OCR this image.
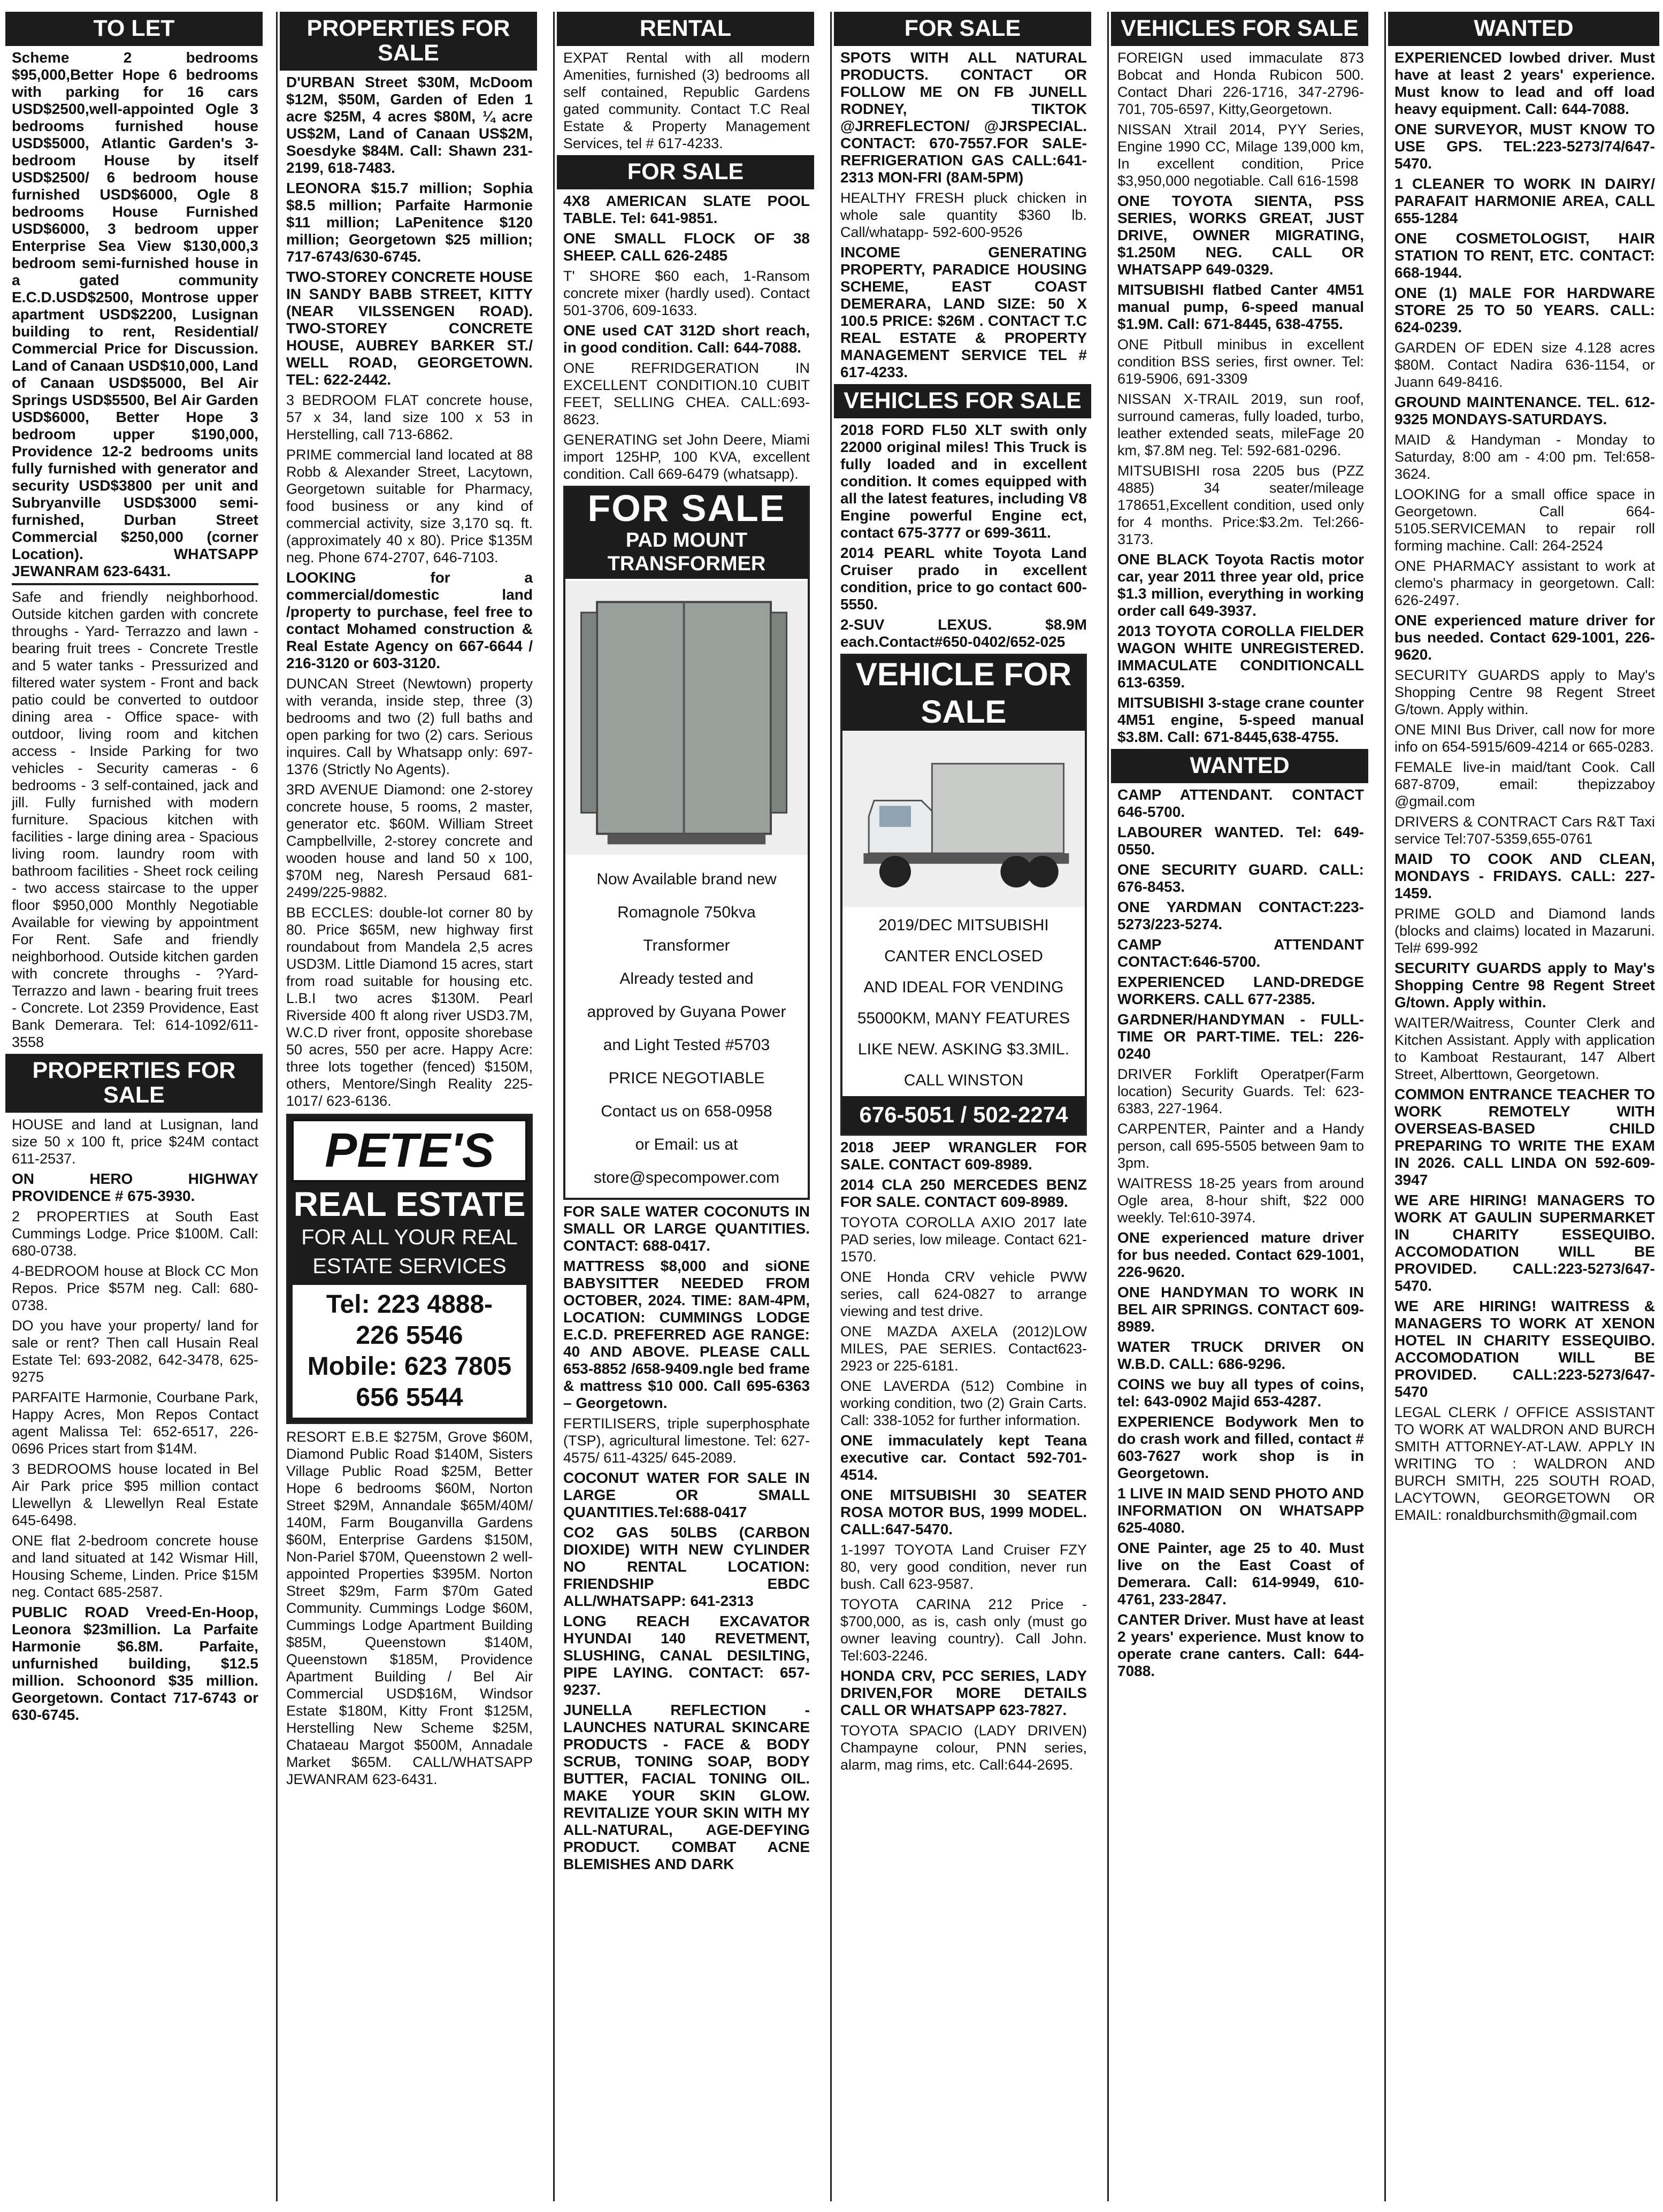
TO LET

Scheme 2 bedrooms $95,000,Better Hope 6 bedrooms with parking for 16 cars USD$2500,well-appointed Ogle 3 bedrooms furnished house USD$5000, Atlantic Garden's 3-bedroom House by itself USD$2500/ 6 bedroom house furnished USD$6000, Ogle 8 bedrooms House Furnished USD$6000, 3 bedroom upper Enterprise Sea View $130,000,3 bedroom semi-furnished house in a gated community E.C.D.USD$2500, Montrose upper apartment USD$2200, Lusignan building to rent, Residential/ Commercial Price for Discussion. Land of Canaan USD$10,000, Land of Canaan USD$5000, Bel Air Springs USD$5500, Bel Air Garden USD$6000, Better Hope 3 bedroom upper $190,000, Providence 12-2 bedrooms units fully furnished with generator and security USD$3800 per unit and Subryanville USD$3000 semi-furnished, Durban Street Commercial $250,000 (corner Location). WHATSAPP JEWANRAM 623-6431.

Safe and friendly neighborhood. Outside kitchen garden with concrete throughs - Yard- Terrazzo and lawn - bearing fruit trees - Concrete Trestle and 5 water tanks - Pressurized and filtered water system - Front and back patio could be converted to outdoor dining area - Office space- with outdoor, living room and kitchen access - Inside Parking for two vehicles - Security cameras - 6 bedrooms - 3 self-contained, jack and jill. Fully furnished with modern furniture. Spacious kitchen with facilities - large dining area - Spacious living room. laundry room with bathroom facilities - Sheet rock ceiling - two access staircase to the upper floor $950,000 Monthly Negotiable Available for viewing by appointment For Rent. Safe and friendly neighborhood. Outside kitchen garden with concrete throughs - ?Yard- Terrazzo and lawn - bearing fruit trees - Concrete. Lot 2359 Providence, East Bank Demerara. Tel: 614-1092/611-3558

PROPERTIES FOR SALE

HOUSE and land at Lusignan, land size 50 x 100 ft, price $24M contact 611-2537.

ON HERO HIGHWAY PROVIDENCE # 675-3930.

2 PROPERTIES at South East Cummings Lodge. Price $100M. Call: 680-0738.

4-BEDROOM house at Block CC Mon Repos. Price $57M neg. Call: 680-0738.

DO you have your property/ land for sale or rent? Then call Husain Real Estate Tel: 693-2082, 642-3478, 625-9275

PARFAITE Harmonie, Courbane Park, Happy Acres, Mon Repos Contact agent Malissa Tel: 652-6517, 226-0696 Prices start from $14M.

3 BEDROOMS house located in Bel Air Park price $95 million contact Llewellyn & Llewellyn Real Estate 645-6498.

ONE flat 2-bedroom concrete house and land situated at 142 Wismar Hill, Housing Scheme, Linden. Price $15M neg. Contact 685-2587.

PUBLIC ROAD Vreed-En-Hoop, Leonora $23million. La Parfaite Harmonie $6.8M. Parfaite, unfurnished building, $12.5 million. Schoonord $35 million. Georgetown. Contact 717-6743 or 630-6745.

PROPERTIES FOR SALE

D'URBAN Street $30M, McDoom $12M, $50M, Garden of Eden 1 acre $25M, 4 acres $80M, ¼ acre US$2M, Land of Canaan US$2M, Soesdyke $84M. Call: Shawn 231-2199, 618-7483.

LEONORA $15.7 million; Sophia $8.5 million; Parfaite Harmonie $11 million; LaPenitence $120 million; Georgetown $25 million; 717-6743/630-6745.

TWO-STOREY CONCRETE HOUSE IN SANDY BABB STREET, KITTY (NEAR VILSSENGEN ROAD). TWO-STOREY CONCRETE HOUSE, AUBREY BARKER ST./ WELL ROAD, GEORGETOWN. TEL: 622-2442.

3 BEDROOM FLAT concrete house, 57 x 34, land size 100 x 53 in Herstelling, call 713-6862.

PRIME commercial land located at 88 Robb & Alexander Street, Lacytown, Georgetown suitable for Pharmacy, food business or any kind of commercial activity, size 3,170 sq. ft. (approximately 40 x 80). Price $135M neg. Phone 674-2707, 646-7103.

LOOKING for a commercial/domestic land /property to purchase, feel free to contact Mohamed construction & Real Estate Agency on 667-6644 / 216-3120 or 603-3120.

DUNCAN Street (Newtown) property with veranda, inside step, three (3) bedrooms and two (2) full baths and open parking for two (2) cars. Serious inquires. Call by Whatsapp only: 697-1376 (Strictly No Agents).

3RD AVENUE Diamond: one 2-storey concrete house, 5 rooms, 2 master, generator etc. $60M. William Street Campbellville, 2-storey concrete and wooden house and land 50 x 100, $70M neg, Naresh Persaud 681-2499/225-9882.

BB ECCLES: double-lot corner 80 by 80. Price $65M, new highway first roundabout from Mandela 2,5 acres USD3M. Little Diamond 15 acres, start from road suitable for housing etc. L.B.I two acres $130M. Pearl Riverside 400 ft along river USD3.7M, W.C.D river front, opposite shorebase 50 acres, 550 per acre. Happy Acre: three lots together (fenced) $150M, others, Mentore/Singh Reality 225-1017/ 623-6136.

PETE'S
REAL ESTATE
FOR ALL YOUR REAL
ESTATE SERVICES
Tel: 223 4888-
226 5546
Mobile: 623 7805
656 5544

RESORT E.B.E $275M, Grove $60M, Diamond Public Road $140M, Sisters Village Public Road $25M, Better Hope 6 bedrooms $60M, Norton Street $29M, Annandale $65M/40M/ 140M, Farm Bouganvilla Gardens $60M, Enterprise Gardens $150M, Non-Pariel $70M, Queenstown 2 well-appointed Properties $395M. Norton Street $29m, Farm $70m Gated Community. Cummings Lodge $60M, Cummings Lodge Apartment Building $85M, Queenstown $140M, Queenstown $185M, Providence Apartment Building / Bel Air Commercial USD$16M, Windsor Estate $180M, Kitty Front $125M, Herstelling New Scheme $25M, Chataeau Margot $500M, Annadale Market $65M. CALL/WHATSAPP JEWANRAM 623-6431.

RENTAL

EXPAT Rental with all modern Amenities, furnished (3) bedrooms all self contained, Republic Gardens gated community. Contact T.C Real Estate & Property Management Services, tel # 617-4233.

FOR SALE

4X8 AMERICAN SLATE POOL TABLE. Tel: 641-9851.

ONE SMALL FLOCK OF 38 SHEEP. CALL 626-2485

T' SHORE $60 each, 1-Ransom concrete mixer (hardly used). Contact 501-3706, 609-1633.

ONE used CAT 312D short reach, in good condition. Call: 644-7088.

ONE REFRIDGERATION IN EXCELLENT CONDITION.10 CUBIT FEET, SELLING CHEA. CALL:693-8623.

GENERATING set John Deere, Miami import 125HP, 100 KVA, excellent condition. Call 669-6479 (whatsapp).

FOR SALE
PAD MOUNT TRANSFORMER
Now Available brand new
Romagnole 750kva
Transformer
Already tested and
approved by Guyana Power
and Light Tested #5703
PRICE NEGOTIABLE
Contact us on 658-0958
or Email: us at
store@specompower.com

FOR SALE WATER COCONUTS IN SMALL OR LARGE QUANTITIES. CONTACT: 688-0417.

MATTRESS $8,000 and siONE BABYSITTER NEEDED FROM OCTOBER, 2024. TIME: 8AM-4PM, LOCATION: CUMMINGS LODGE E.C.D. PREFERRED AGE RANGE: 40 AND ABOVE. PLEASE CALL 653-8852 /658-9409.ngle bed frame & mattress $10 000. Call 695-6363 – Georgetown.

FERTILISERS, triple superphosphate (TSP), agricultural limestone. Tel: 627-4575/ 611-4325/ 645-2089.

COCONUT WATER FOR SALE IN LARGE OR SMALL QUANTITIES.Tel:688-0417

CO2 GAS 50LBS (CARBON DIOXIDE) WITH NEW CYLINDER NO RENTAL LOCATION: FRIENDSHIP EBDC ALL/WHATSAPP: 641-2313

LONG REACH EXCAVATOR HYUNDAI 140 REVETMENT, SLUSHING, CANAL DESILTING, PIPE LAYING. CONTACT: 657-9237.

JUNELLA REFLECTION - LAUNCHES NATURAL SKINCARE PRODUCTS - FACE & BODY SCRUB, TONING SOAP, BODY BUTTER, FACIAL TONING OIL. MAKE YOUR SKIN GLOW. REVITALIZE YOUR SKIN WITH MY ALL-NATURAL, AGE-DEFYING PRODUCT. COMBAT ACNE BLEMISHES AND DARK

FOR SALE

SPOTS WITH ALL NATURAL PRODUCTS. CONTACT OR FOLLOW ME ON FB JUNELL RODNEY, TIKTOK @JRREFLECTON/ @JRSPECIAL. CONTACT: 670-7557.FOR SALE- REFRIGERATION GAS CALL:641-2313 MON-FRI (8AM-5PM)

HEALTHY FRESH pluck chicken in whole sale quantity $360 lb. Call/whatapp- 592-600-9526

INCOME GENERATING PROPERTY, PARADICE HOUSING SCHEME, EAST COAST DEMERARA, LAND SIZE: 50 X 100.5 PRICE: $26M . CONTACT T.C REAL ESTATE & PROPERTY MANAGEMENT SERVICE TEL # 617-4233.

VEHICLES FOR SALE

2018 FORD FL50 XLT swith only 22000 original miles! This Truck is fully loaded and in excellent condition. It comes equipped with all the latest features, including V8 Engine powerful Engine ect, contact 675-3777 or 699-3611.

2014 PEARL white Toyota Land Cruiser prado in excellent condition, price to go contact 600-5550.

2-SUV LEXUS. $8.9M each.Contact#650-0402/652-025

VEHICLE FOR SALE
2019/DEC MITSUBISHI
CANTER ENCLOSED
AND IDEAL FOR VENDING
55000KM, MANY FEATURES
LIKE NEW. ASKING $3.3MIL.
CALL WINSTON
676-5051 / 502-2274

2018 JEEP WRANGLER FOR SALE. CONTACT 609-8989.

2014 CLA 250 MERCEDES BENZ FOR SALE. CONTACT 609-8989.

TOYOTA COROLLA AXIO 2017 late PAD series, low mileage. Contact 621-1570.

ONE Honda CRV vehicle PWW series, call 624-0827 to arrange viewing and test drive.

ONE MAZDA AXELA (2012)LOW MILES, PAE SERIES. Contact623-2923 or 225-6181.

ONE LAVERDA (512) Combine in working condition, two (2) Grain Carts. Call: 338-1052 for further information.

ONE immaculately kept Teana executive car. Contact 592-701-4514.

ONE MITSUBISHI 30 SEATER ROSA MOTOR BUS, 1999 MODEL. CALL:647-5470.

1-1997 TOYOTA Land Cruiser FZY 80, very good condition, never run bush. Call 623-9587.

TOYOTA CARINA 212 Price - $700,000, as is, cash only (must go owner leaving country). Call John. Tel:603-2246.

HONDA CRV, PCC SERIES, LADY DRIVEN,FOR MORE DETAILS CALL OR WHATSAPP 623-7827.

TOYOTA SPACIO (LADY DRIVEN) Champayne colour, PNN series, alarm, mag rims, etc. Call:644-2695.

VEHICLES FOR SALE

FOREIGN used immaculate 873 Bobcat and Honda Rubicon 500. Contact Dhari 226-1716, 347-2796-701, 705-6597, Kitty,Georgetown.

NISSAN Xtrail 2014, PYY Series, Engine 1990 CC, Milage 139,000 km, In excellent condition, Price $3,950,000 negotiable. Call 616-1598

ONE TOYOTA SIENTA, PSS SERIES, WORKS GREAT, JUST DRIVE, OWNER MIGRATING, $1.250M NEG. CALL OR WHATSAPP 649-0329.

MITSUBISHI flatbed Canter 4M51 manual pump, 6-speed manual $1.9M. Call: 671-8445, 638-4755.

ONE Pitbull minibus in excellent condition BSS series, first owner. Tel: 619-5906, 691-3309

NISSAN X-TRAIL 2019, sun roof, surround cameras, fully loaded, turbo, leather extended seats, mileFage 20 km, $7.8M neg. Tel: 592-681-0296.

MITSUBISHI rosa 2205 bus (PZZ 4885) 34 seater/mileage 178651,Excellent condition, used only for 4 months. Price:$3.2m. Tel:266-3173.

ONE BLACK Toyota Ractis motor car, year 2011 three year old, price $1.3 million, everything in working order call 649-3937.

2013 TOYOTA COROLLA FIELDER WAGON WHITE UNREGISTERED. IMMACULATE CONDITIONCALL 613-6359.

MITSUBISHI 3-stage crane counter 4M51 engine, 5-speed manual $3.8M. Call: 671-8445,638-4755.

WANTED

CAMP ATTENDANT. CONTACT 646-5700.

LABOURER WANTED. Tel: 649-0550.

ONE SECURITY GUARD. CALL: 676-8453.

ONE YARDMAN CONTACT:223-5273/223-5274.

CAMP ATTENDANT CONTACT:646-5700.

EXPERIENCED LAND-DREDGE WORKERS. CALL 677-2385.

GARDNER/HANDYMAN - FULL-TIME OR PART-TIME. TEL: 226-0240

DRIVER Forklift Operatper(Farm location) Security Guards. Tel: 623-6383, 227-1964.

CARPENTER, Painter and a Handy person, call 695-5505 between 9am to 3pm.

WAITRESS 18-25 years from around Ogle area, 8-hour shift, $22 000 weekly. Tel:610-3974.

ONE experienced mature driver for bus needed. Contact 629-1001, 226-9620.

ONE HANDYMAN TO WORK IN BEL AIR SPRINGS. CONTACT 609-8989.

WATER TRUCK DRIVER ON W.B.D. CALL: 686-9296.

COINS we buy all types of coins, tel: 643-0902 Majid 653-4287.

EXPERIENCE Bodywork Men to do crash work and filled, contact # 603-7627 work shop is in Georgetown.

1 LIVE IN MAID SEND PHOTO AND INFORMATION ON WHATSAPP 625-4080.

ONE Painter, age 25 to 40. Must live on the East Coast of Demerara. Call: 614-9949, 610-4761, 233-2847.

CANTER Driver. Must have at least 2 years' experience. Must know to operate crane canters. Call: 644-7088.

WANTED

EXPERIENCED lowbed driver. Must have at least 2 years' experience. Must know to lead and off load heavy equipment. Call: 644-7088.

ONE SURVEYOR, MUST KNOW TO USE GPS. TEL:223-5273/74/647-5470.

1 CLEANER TO WORK IN DAIRY/ PARAFAIT HARMONIE AREA, CALL 655-1284

ONE COSMETOLOGIST, HAIR STATION TO RENT, ETC. CONTACT: 668-1944.

ONE (1) MALE FOR HARDWARE STORE 25 TO 50 YEARS. CALL: 624-0239.

GARDEN OF EDEN size 4.128 acres $80M. Contact Nadira 636-1154, or Juann 649-8416.

GROUND MAINTENANCE. TEL. 612-9325 MONDAYS-SATURDAYS.

MAID & Handyman - Monday to Saturday, 8:00 am - 4:00 pm. Tel:658-3624.

LOOKING for a small office space in Georgetown. Call 664-5105.SERVICEMAN to repair roll forming machine. Call: 264-2524

ONE PHARMACY assistant to work at clemo's pharmacy in georgetown. Call: 626-2497.

ONE experienced mature driver for bus needed. Contact 629-1001, 226-9620.

SECURITY GUARDS apply to May's Shopping Centre 98 Regent Street G/town. Apply within.

ONE MINI Bus Driver, call now for more info on 654-5915/609-4214 or 665-0283.

FEMALE live-in maid/tant Cook. Call 687-8709, email: thepizzaboy @gmail.com

DRIVERS & CONTRACT Cars R&T Taxi service Tel:707-5359,655-0761

MAID TO COOK AND CLEAN, MONDAYS - FRIDAYS. CALL: 227-1459.

PRIME GOLD and Diamond lands (blocks and claims) located in Mazaruni. Tel# 699-992

SECURITY GUARDS apply to May's Shopping Centre 98 Regent Street G/town. Apply within.

WAITER/Waitress, Counter Clerk and Kitchen Assistant. Apply with application to Kamboat Restaurant, 147 Albert Street, Alberttown, Georgetown.

COMMON ENTRANCE TEACHER TO WORK REMOTELY WITH OVERSEAS-BASED CHILD PREPARING TO WRITE THE EXAM IN 2026. CALL LINDA ON 592-609-3947

WE ARE HIRING! MANAGERS TO WORK AT GAULIN SUPERMARKET IN CHARITY ESSEQUIBO. ACCOMODATION WILL BE PROVIDED. CALL:223-5273/647-5470.

WE ARE HIRING! WAITRESS & MANAGERS TO WORK AT XENON HOTEL IN CHARITY ESSEQUIBO. ACCOMODATION WILL BE PROVIDED. CALL:223-5273/647-5470

LEGAL CLERK / OFFICE ASSISTANT TO WORK AT WALDRON AND BURCH SMITH ATTORNEY-AT-LAW. APPLY IN WRITING TO : WALDRON AND BURCH SMITH, 225 SOUTH ROAD, LACYTOWN, GEORGETOWN OR EMAIL: ronaldburchsmith@gmail.com
